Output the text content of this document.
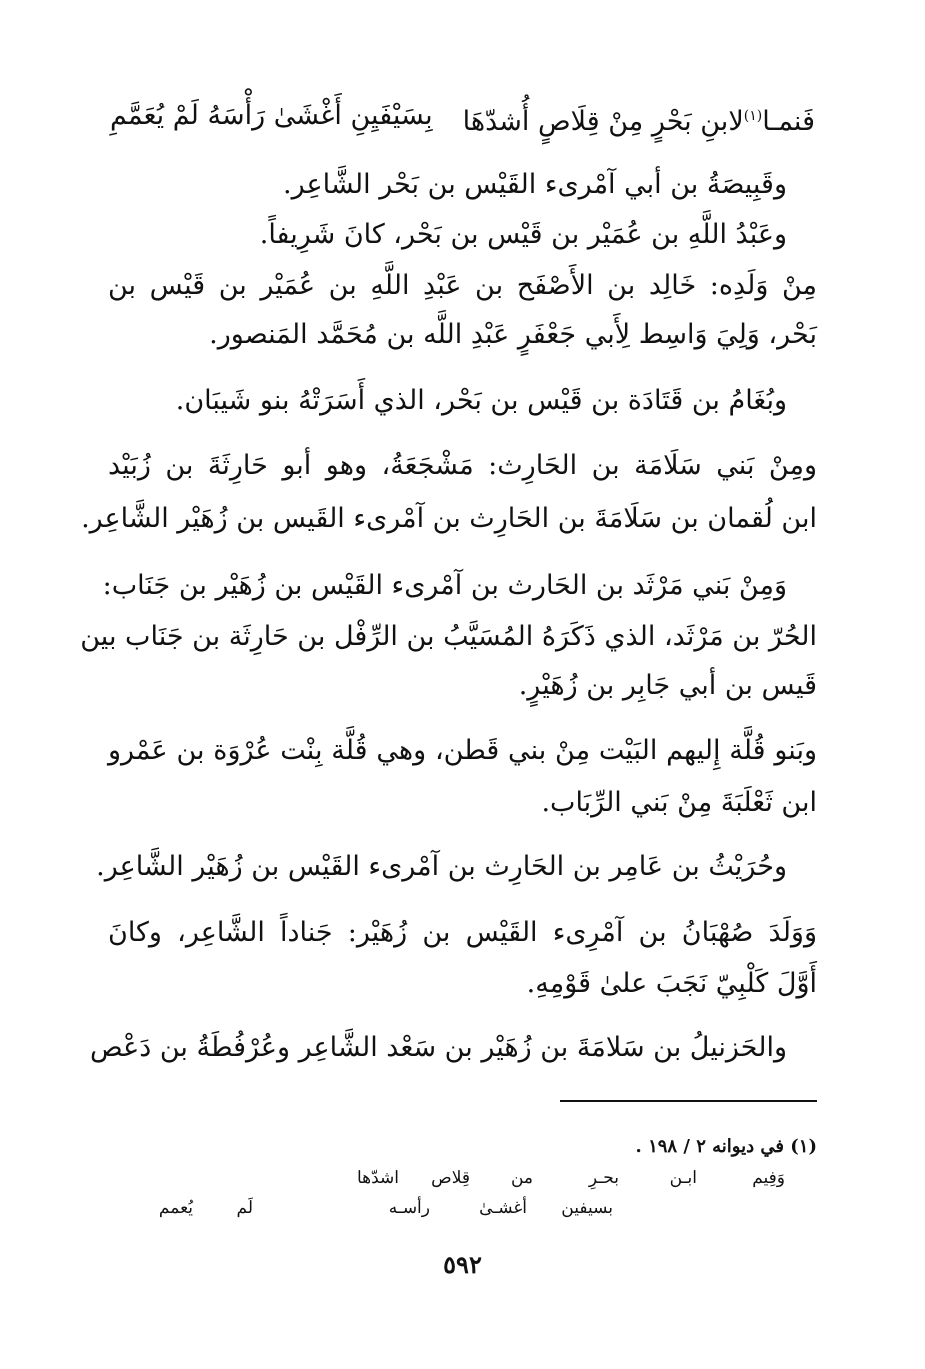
فَنمـا$^{(١)}$لابنِ بَحْرٍ مِنْ قِلَاصٍ أُشدّهَا
بِسَيْفَيِنِ أَغْشَىٰ رَأْسَهُ لَمْ يُعَمَّمِ
وقَبِيصَةُ بن أبي آمْرىء القَيْس بن بَحْر الشَّاعِر.
وعَبْدُ اللَّهِ بن عُمَيْر بن قَيْس بن بَحْر، كانَ شَرِيفاً.
مِنْ وَلَدِه: خَالِد بن الأَصْفَح بن عَبْدِ اللَّهِ بن عُمَيْر بن قَيْس بن
بَحْر، وَلِيَ وَاسِط لِأَبي جَعْفَرٍ عَبْدِ اللَّه بن مُحَمَّد المَنصور.
وبُغَامُ بن قَتَادَة بن قَيْس بن بَحْر، الذي أَسَرَتْهُ بنو شَيبَان.
ومِنْ بَني سَلَامَة بن الحَارِث: مَشْجَعَةُ، وهو أبو حَارِثَةَ بن زُبَيْد
ابن لُقمان بن سَلَامَةَ بن الحَارِث بن آمْرىء القَيس بن زُهَيْر الشَّاعِر.
وَمِنْ بَني مَرْثَد بن الحَارث بن آمْرىء القَيْس بن زُهَيْر بن جَنَاب:
الحُرّ بن مَرْثَد، الذي ذَكَرَهُ المُسَيَّبُ بن الرِّفْل بن حَارِثَة بن جَنَاب بين
قَيس بن أبي جَابِر بن زُهَيْرٍ.
وبَنو قُلَّة إِليهم البَيْت مِنْ بني قَطن، وهي قُلَّة بِنْت عُرْوَة بن عَمْرو
ابن ثَعْلَبَةَ مِنْ بَني الرِّبَاب.
وحُرَيْثُ بن عَامِر بن الحَارِث بن آمْرىء القَيْس بن زُهَيْر الشَّاعِر.
وَوَلَدَ صُهْبَانُ بن آمْرِىء القَيْس بن زُهَيْر: جَناداً الشَّاعِر، وكانَ
أَوَّلَ كَلْبِيّ نَجَبَ علىٰ قَوْمِهِ.
والحَزنيلُ بن سَلامَةَ بن زُهَيْر بن سَعْد الشَّاعِر وعُرْفُطَةُ بن دَعْص
(١) في ديوانه ٢ / ١٩٨ .
وَفِيم
ابـن
بحـرِ
من
قِلاص
اشدّها
بسيفين
أغشـىٰ
رأسـه
لَم
يُعمم
٥٩٢
